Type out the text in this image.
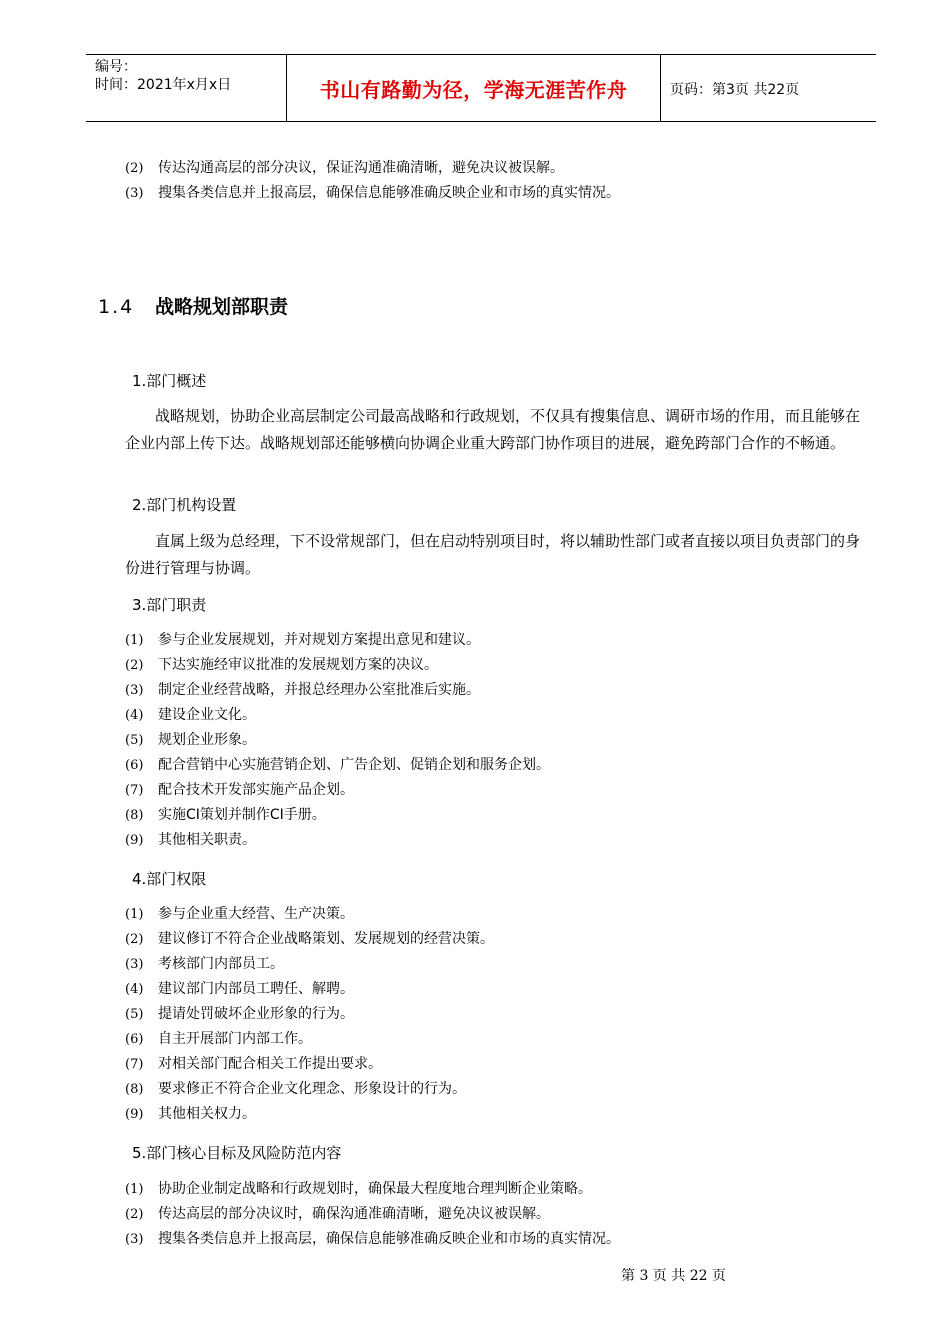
编号：
时间：2021年x月x日	书山有路勤为径，学海无涯苦作舟	页码：第3页 共22页
(2) 传达沟通高层的部分决议，保证沟通准确清晰，避免决议被误解。
(3) 搜集各类信息并上报高层，确保信息能够准确反映企业和市场的真实情况。
1.4 战略规划部职责
1.部门概述
战略规划，协助企业高层制定公司最高战略和行政规划，不仅具有搜集信息、调研市场的作用，而且能够在企业内部上传下达。战略规划部还能够横向协调企业重大跨部门协作项目的进展，避免跨部门合作的不畅通。
2.部门机构设置
直属上级为总经理，下不设常规部门，但在启动特别项目时，将以辅助性部门或者直接以项目负责部门的身份进行管理与协调。
3.部门职责
(1) 参与企业发展规划，并对规划方案提出意见和建议。
(2) 下达实施经审议批准的发展规划方案的决议。
(3) 制定企业经营战略，并报总经理办公室批准后实施。
(4) 建设企业文化。
(5) 规划企业形象。
(6) 配合营销中心实施营销企划、广告企划、促销企划和服务企划。
(7) 配合技术开发部实施产品企划。
(8) 实施CI策划并制作CI手册。
(9) 其他相关职责。
4.部门权限
(1) 参与企业重大经营、生产决策。
(2) 建议修订不符合企业战略策划、发展规划的经营决策。
(3) 考核部门内部员工。
(4) 建议部门内部员工聘任、解聘。
(5) 提请处罚破坏企业形象的行为。
(6) 自主开展部门内部工作。
(7) 对相关部门配合相关工作提出要求。
(8) 要求修正不符合企业文化理念、形象设计的行为。
(9) 其他相关权力。
5.部门核心目标及风险防范内容
(1) 协助企业制定战略和行政规划时，确保最大程度地合理判断企业策略。
(2) 传达高层的部分决议时，确保沟通准确清晰，避免决议被误解。
(3) 搜集各类信息并上报高层，确保信息能够准确反映企业和市场的真实情况。
第 3 页 共 22 页
